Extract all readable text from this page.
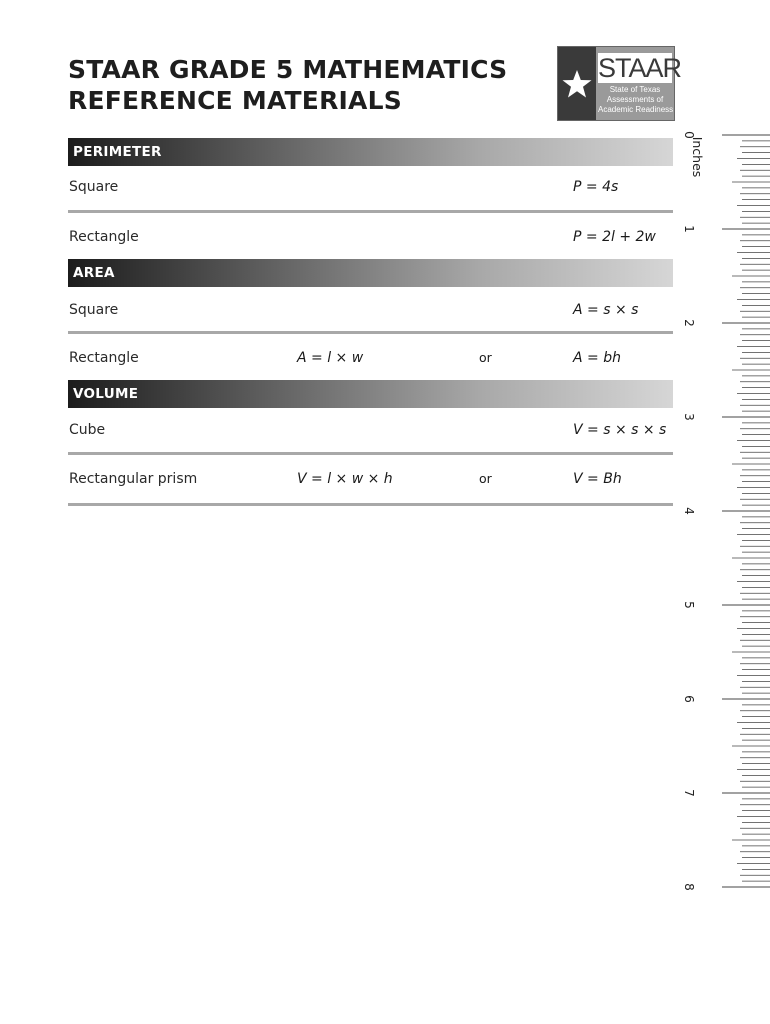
STAAR GRADE 5 MATHEMATICS
REFERENCE MATERIALS
STAAR
State of Texas
Assessments of
Academic Readiness
PERIMETER
Square	P = 4s
Rectangle	P = 2l + 2w
AREA
Square	A = s × s
Rectangle	A = l × w	or	A = bh
VOLUME
Cube	V = s × s × s
Rectangular prism	V = l × w × h	or	V = Bh
Inches
0
1
2
3
4
5
6
7
8
